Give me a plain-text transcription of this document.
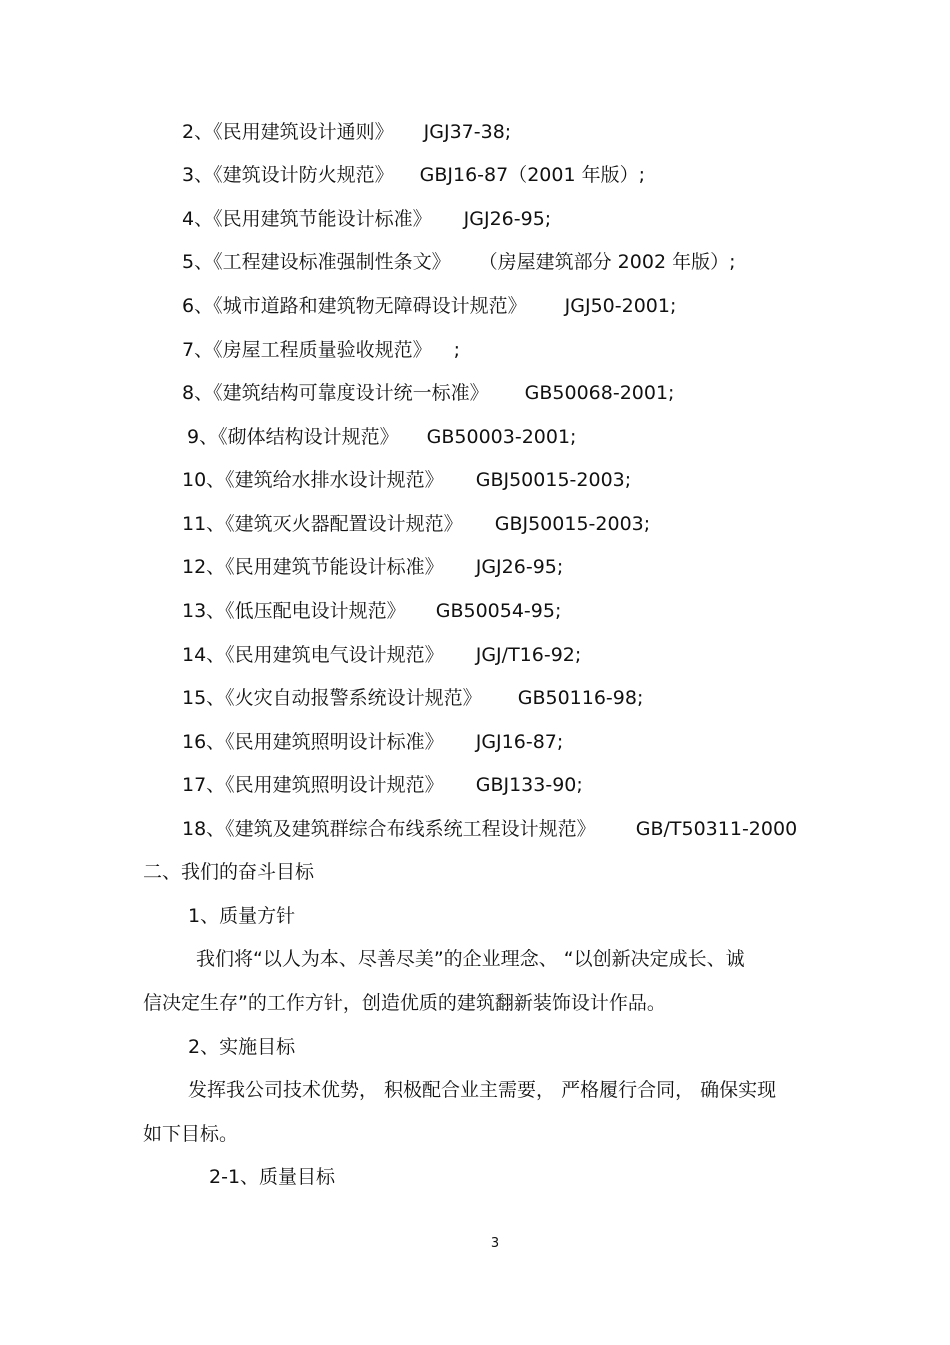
2、《民用建筑设计通则》 JGJ37-38;
3、《建筑设计防火规范》 GBJ16-87（2001 年版）;
4、《民用建筑节能设计标准》 JGJ26-95;
5、《工程建设标准强制性条文》 （房屋建筑部分 2002 年版）;
6、《城市道路和建筑物无障碍设计规范》 JGJ50-2001;
7、《房屋工程质量验收规范》 ;
8、《建筑结构可靠度设计统一标准》 GB50068-2001;
9、《砌体结构设计规范》 GB50003-2001;
10、《建筑给水排水设计规范》 GBJ50015-2003;
11、《建筑灭火器配置设计规范》 GBJ50015-2003;
12、《民用建筑节能设计标准》 JGJ26-95;
13、《低压配电设计规范》 GB50054-95;
14、《民用建筑电气设计规范》 JGJ/T16-92;
15、《火灾自动报警系统设计规范》 GB50116-98;
16、《民用建筑照明设计标准》 JGJ16-87;
17、《民用建筑照明设计规范》 GBJ133-90;
18、《建筑及建筑群综合布线系统工程设计规范》 GB/T50311-2000
二、我们的奋斗目标
1、质量方针
我们将“以人为本、尽善尽美”的企业理念、 “以创新决定成长、诚
信决定生存”的工作方针，创造优质的建筑翻新装饰设计作品。
2、实施目标
发挥我公司技术优势， 积极配合业主需要， 严格履行合同， 确保实现
如下目标。
2-1、质量目标
3
